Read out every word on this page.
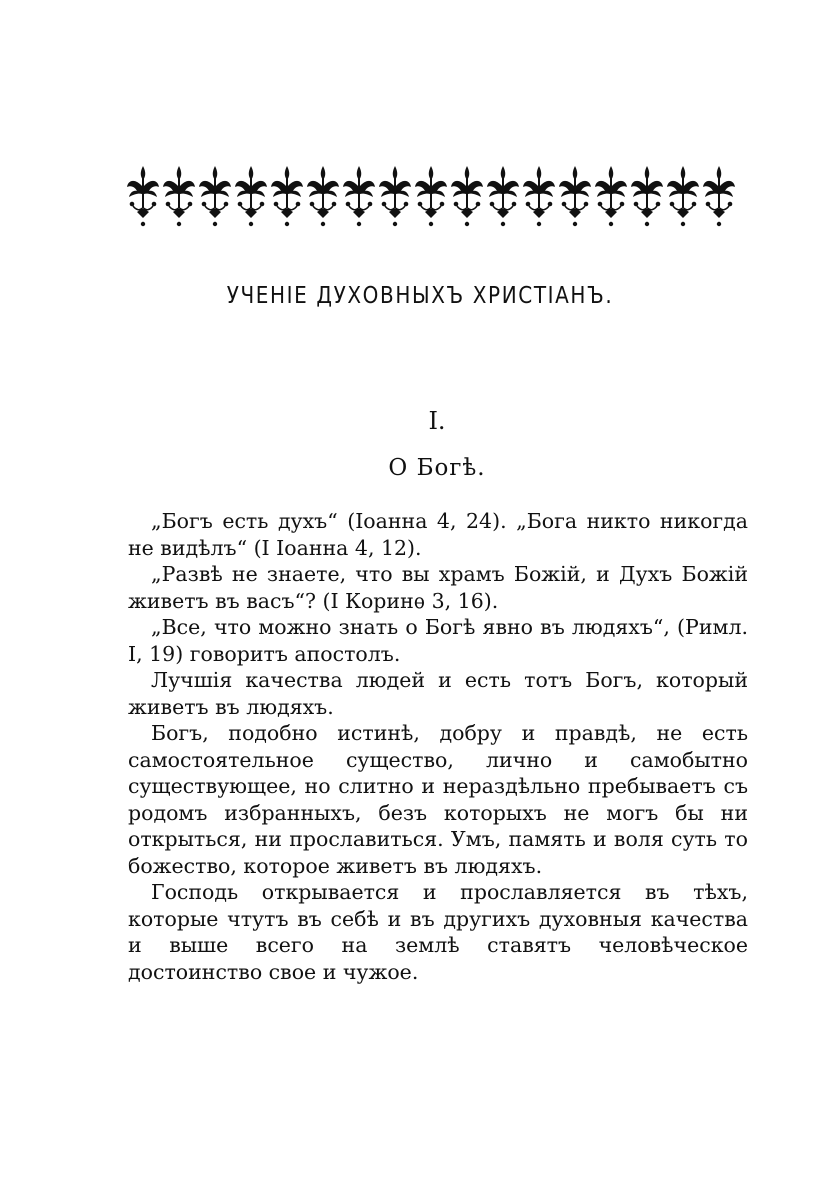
УЧЕНІЕ ДУХОВНЫХЪ ХРИСТІАНЪ.
I.
О Богѣ.

„Богъ есть духъ“ (Іоанна 4, 24). „Бога никто никогда не видѣлъ“ (I Іоанна 4, 12).

„Развѣ не знаете, что вы храмъ Божій, и Духъ Божій живетъ въ васъ“? (I Коринѳ 3, 16).

„Все, что можно знать о Богѣ явно въ людяхъ“, (Римл. I, 19) говоритъ апостолъ.

Лучшія качества людей и есть тотъ Богъ, который живетъ въ людяхъ.

Богъ, подобно истинѣ, добру и правдѣ, не есть самостоятельное существо, лично и самобытно существующее, но слитно и нераздѣльно пребываетъ съ родомъ избранныхъ, безъ которыхъ не могъ бы ни открыться, ни прославиться. Умъ, память и воля суть то божество, которое живетъ въ людяхъ.

Господь открывается и прославляется въ тѣхъ, которые чтутъ въ себѣ и въ другихъ духовныя качества и выше всего на землѣ ставятъ человѣческое достоинство свое и чужое.
